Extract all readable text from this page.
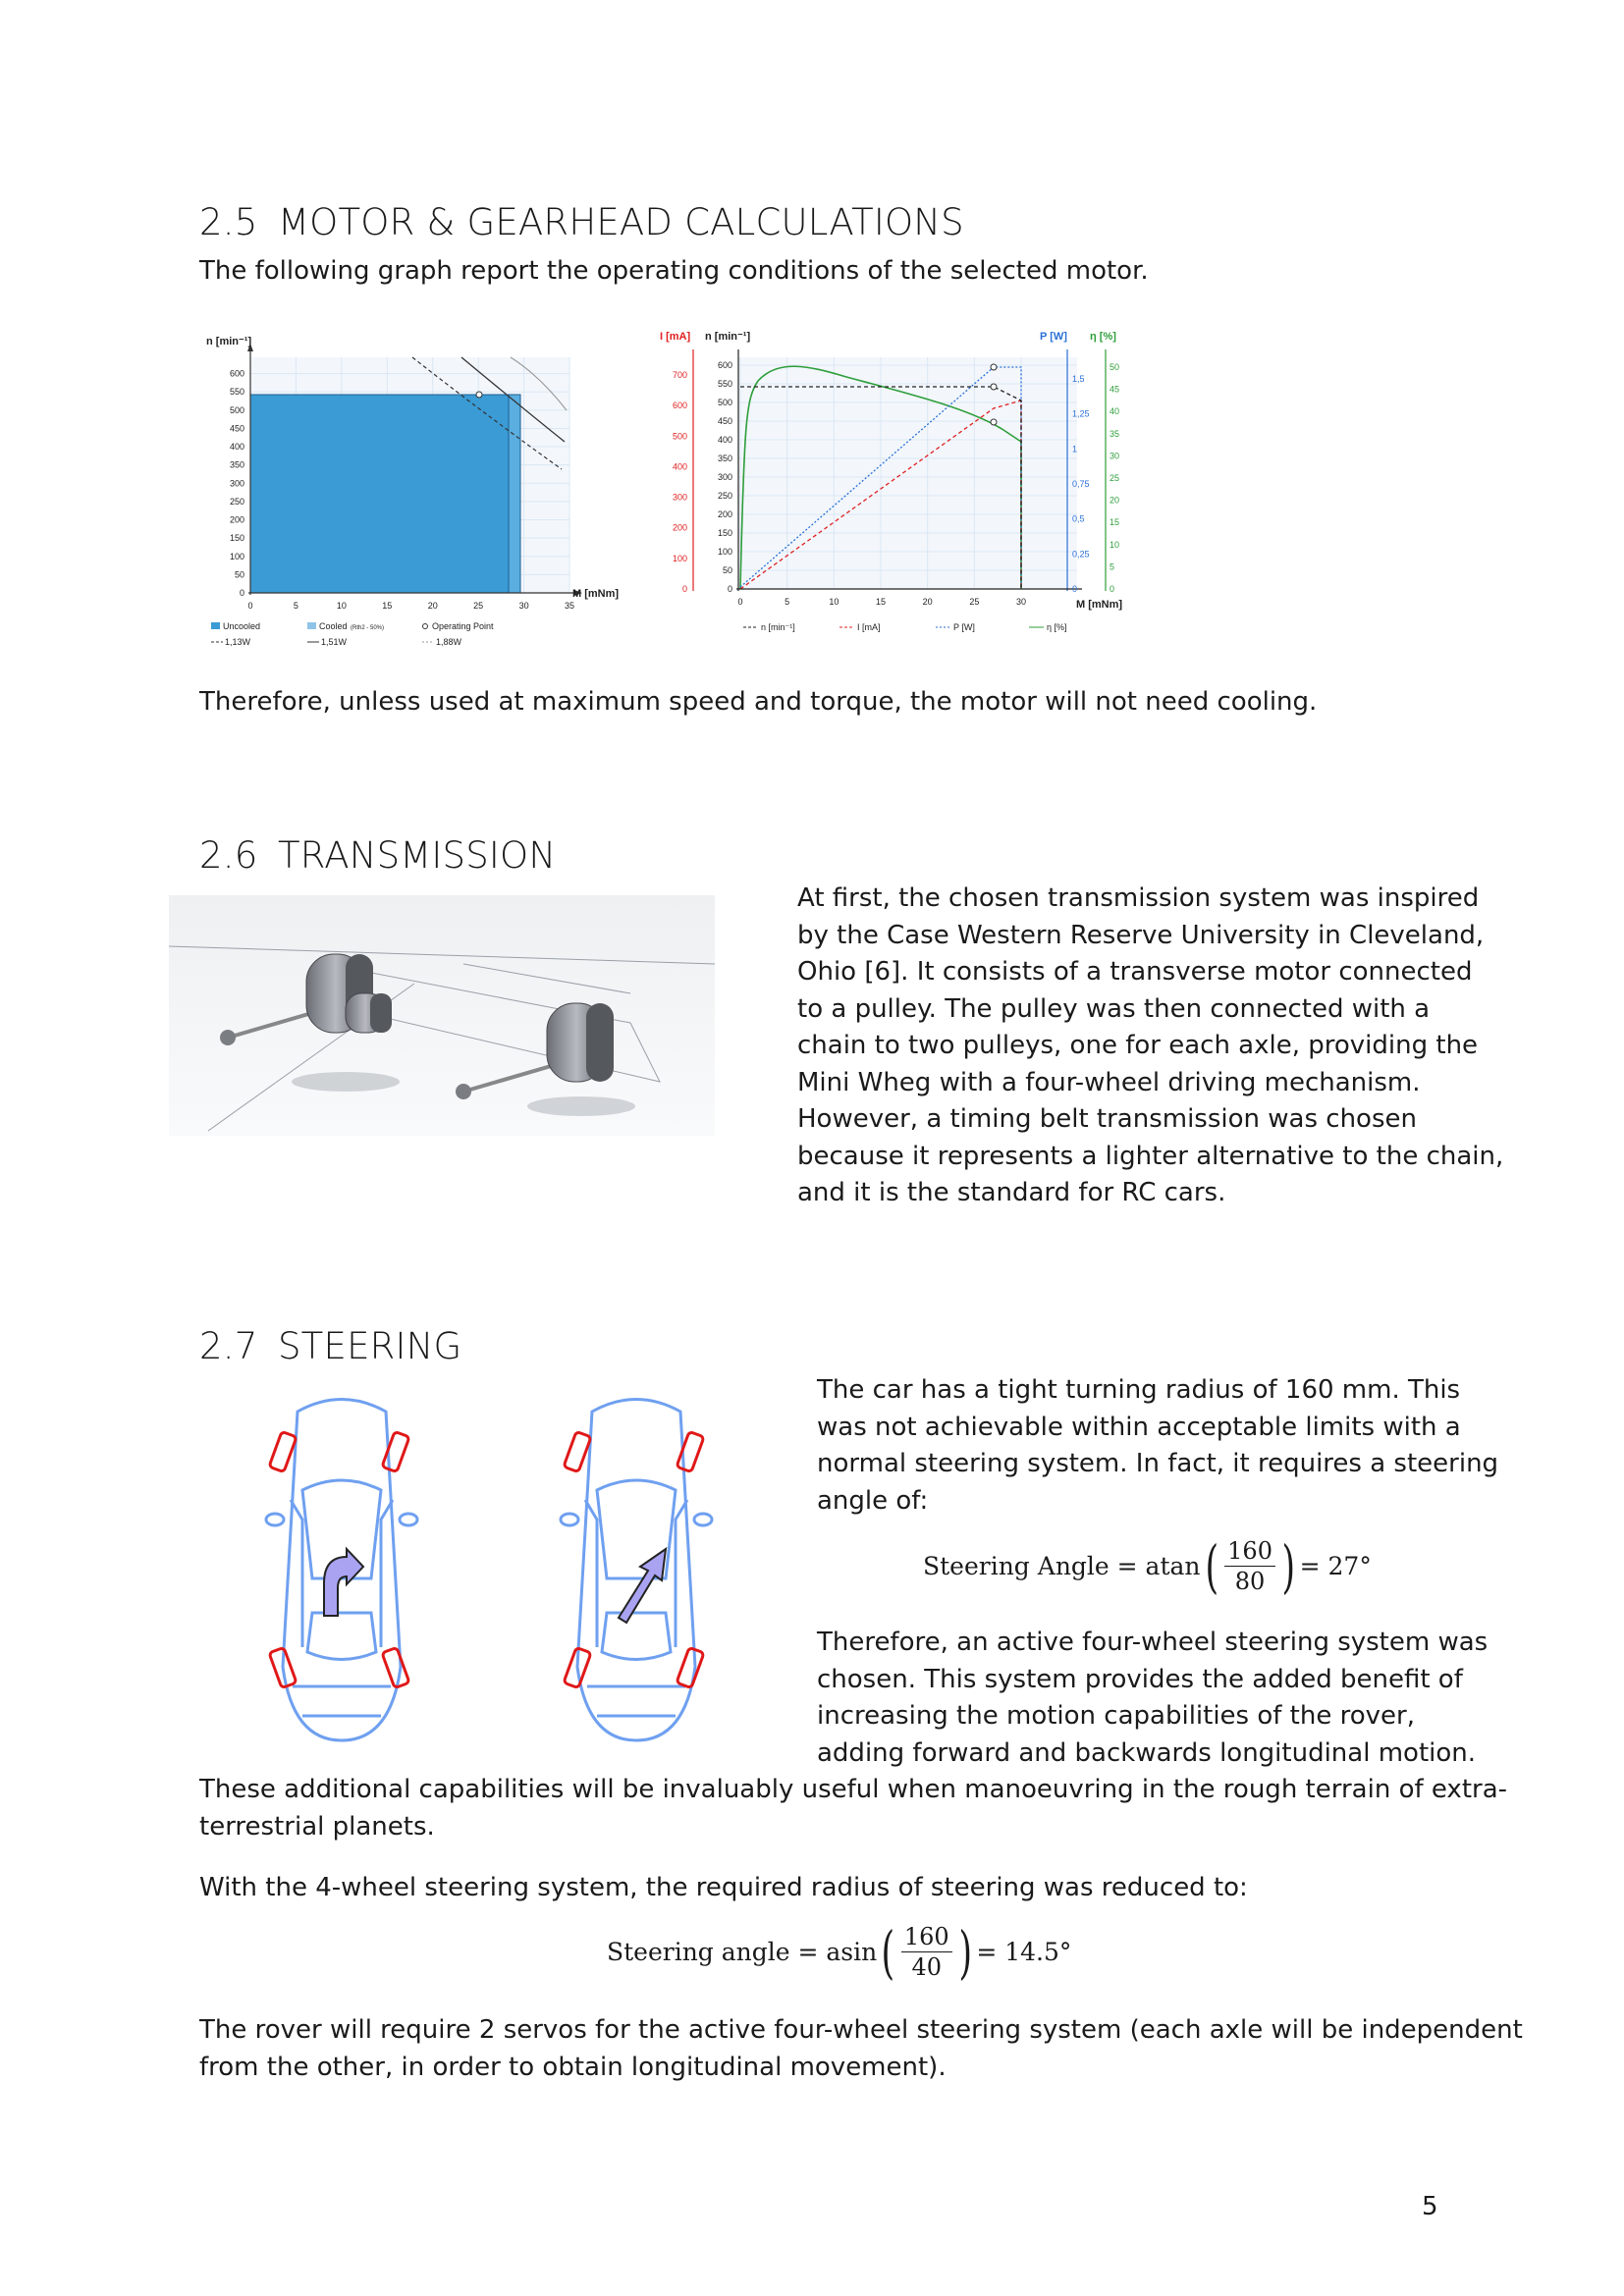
2.5 MOTOR & GEARHEAD CALCULATIONS

The following graph report the operating conditions of the selected motor.

n [min⁻¹]
M [mNm]
0
50
100
150
200
250
300
350
400
450
500
550
600
0	5	10	15	20	25	30	35
Uncooled	Cooled (Rth2 - 50%)	Operating Point
1,13W	1,51W	1,88W
I [mA] n [min⁻¹]	P [W] η [%]
M [mNm]
0
100
200
300
400
500
600
700
0
50
100
150
200
250
300
350
400
450
500
550
600
0
0,25
0,5
0,75
1
1,25
1,5
0
5
10
15
20
25
30
35
40
45
50
0	5	10	15	20	25	30
n [min⁻¹]	I [mA]	P [W]	η [%]

Therefore, unless used at maximum speed and torque, the motor will not need cooling.

2.6 TRANSMISSION

At first, the chosen transmission system was inspired

by the Case Western Reserve University in Cleveland,

Ohio [6]. It consists of a transverse motor connected

to a pulley. The pulley was then connected with a

chain to two pulleys, one for each axle, providing the

Mini Wheg with a four-wheel driving mechanism.

However, a timing belt transmission was chosen

because it represents a lighter alternative to the chain,

and it is the standard for RC cars.

2.7 STEERING

The car has a tight turning radius of 160 mm. This

was not achievable within acceptable limits with a

normal steering system. In fact, it requires a steering

angle of:

Steering Angle = atan ( $\frac{160}{80}$ ) = 27°

Therefore, an active four-wheel steering system was

chosen. This system provides the added benefit of

increasing the motion capabilities of the rover,

adding forward and backwards longitudinal motion.

These additional capabilities will be invaluably useful when manoeuvring in the rough terrain of extra-

terrestrial planets.

With the 4-wheel steering system, the required radius of steering was reduced to:

Steering angle = asin ( $\frac{160}{40}$ ) = 14.5°

The rover will require 2 servos for the active four-wheel steering system (each axle will be independent

from the other, in order to obtain longitudinal movement).

5
